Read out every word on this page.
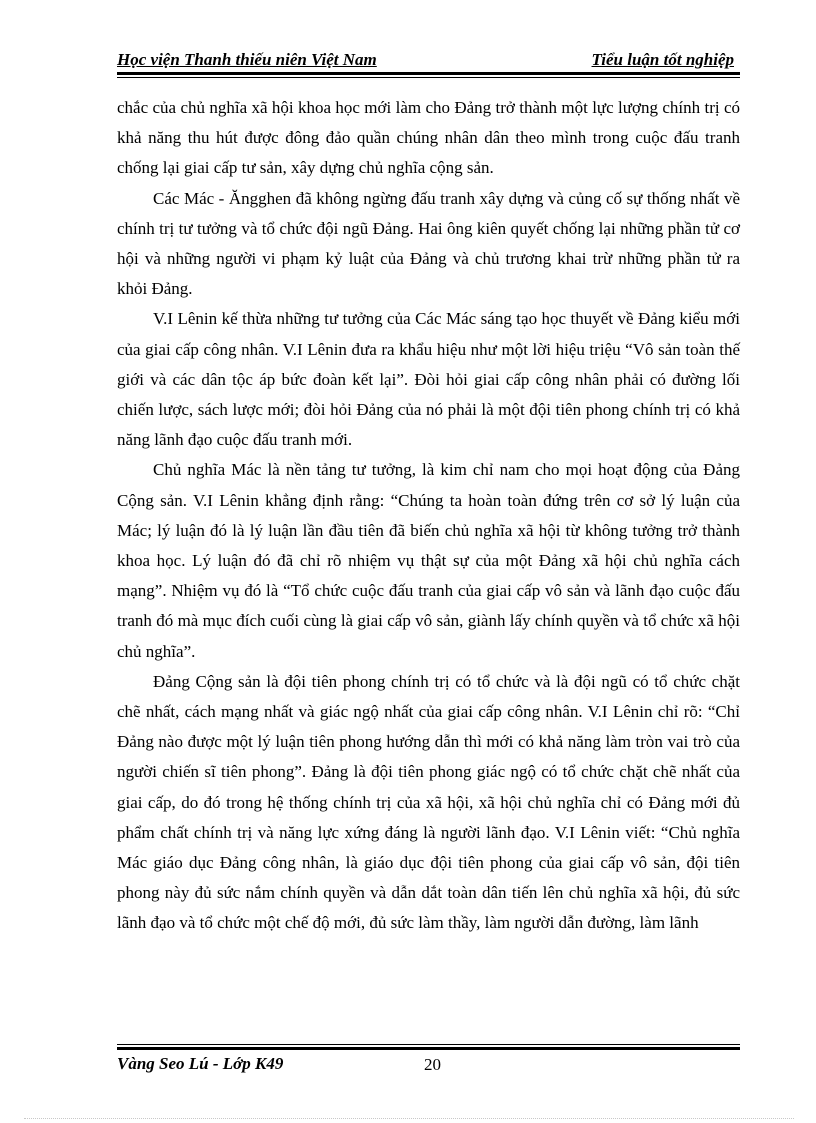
Học viện Thanh thiếu niên Việt Nam	Tiểu luận tốt nghiệp

chắc của chủ nghĩa xã hội khoa học mới làm cho Đảng trở thành một lực lượng chính trị có khả năng thu hút được đông đảo quần chúng nhân dân theo mình trong cuộc đấu tranh chống lại giai cấp tư sản, xây dựng chủ nghĩa cộng sản.

Các Mác - Ăngghen đã không ngừng đấu tranh xây dựng và củng cố sự thống nhất về chính trị tư tưởng và tổ chức đội ngũ Đảng. Hai ông kiên quyết chống lại những phần tử cơ hội và những người vi phạm kỷ luật của Đảng và chủ trương khai trừ những phần tử ra khỏi Đảng.

V.I Lênin kế thừa những tư tưởng của Các Mác sáng tạo học thuyết về Đảng kiểu mới của giai cấp công nhân. V.I Lênin đưa ra khẩu hiệu như một lời hiệu triệu “Vô sản toàn thế giới và các dân tộc áp bức đoàn kết lại”. Đòi hỏi giai cấp công nhân phải có đường lối chiến lược, sách lược mới; đòi hỏi Đảng của nó phải là một đội tiên phong chính trị có khả năng lãnh đạo cuộc đấu tranh mới.

Chủ nghĩa Mác là nền tảng tư tưởng, là kim chỉ nam cho mọi hoạt động của Đảng Cộng sản. V.I Lênin khẳng định rằng: “Chúng ta hoàn toàn đứng trên cơ sở lý luận của Mác; lý luận đó là lý luận lần đầu tiên đã biến chủ nghĩa xã hội từ không tưởng trở thành khoa học. Lý luận đó đã chỉ rõ nhiệm vụ thật sự của một Đảng xã hội chủ nghĩa cách mạng”. Nhiệm vụ đó là “Tổ chức cuộc đấu tranh của giai cấp vô sản và lãnh đạo cuộc đấu tranh đó mà mục đích cuối cùng là giai cấp vô sản, giành lấy chính quyền và tổ chức xã hội chủ nghĩa”.

Đảng Cộng sản là đội tiên phong chính trị có tổ chức và là đội ngũ có tổ chức chặt chẽ nhất, cách mạng nhất và giác ngộ nhất của giai cấp công nhân. V.I Lênin chỉ rõ: “Chỉ Đảng nào được một lý luận tiên phong hướng dẫn thì mới có khả năng làm tròn vai trò của người chiến sĩ tiên phong”. Đảng là đội tiên phong giác ngộ có tổ chức chặt chẽ nhất của giai cấp, do đó trong hệ thống chính trị của xã hội, xã hội chủ nghĩa chỉ có Đảng mới đủ phẩm chất chính trị và năng lực xứng đáng là người lãnh đạo. V.I Lênin viết: “Chủ nghĩa Mác giáo dục Đảng công nhân, là giáo dục đội tiên phong của giai cấp vô sản, đội tiên phong này đủ sức nắm chính quyền và dẫn dắt toàn dân tiến lên chủ nghĩa xã hội, đủ sức lãnh đạo và tổ chức một chế độ mới, đủ sức làm thầy, làm người dẫn đường, làm lãnh

Vàng Seo Lú - Lớp K49	20
